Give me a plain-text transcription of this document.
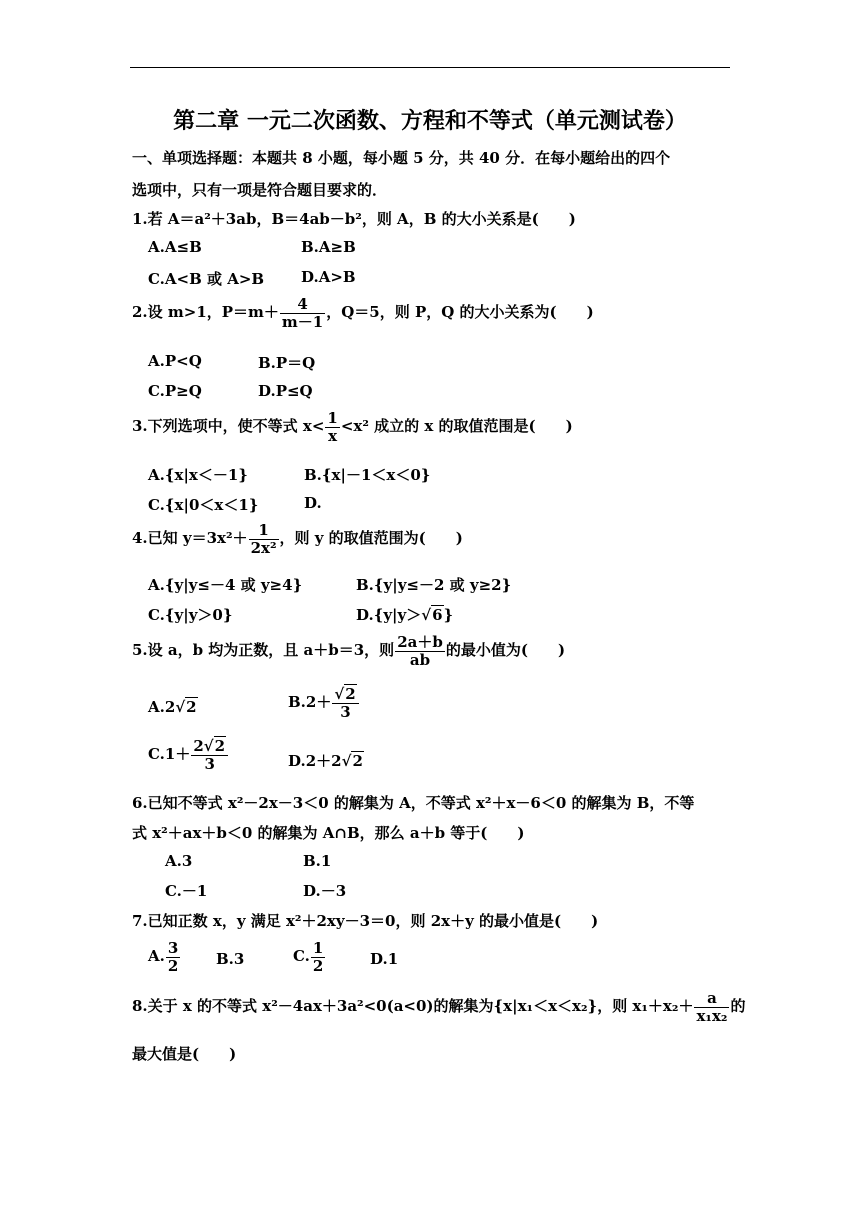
第二章 一元二次函数、方程和不等式（单元测试卷）
一、单项选择题：本题共 8 小题，每小题 5 分，共 40 分．在每小题给出的四个
选项中，只有一项是符合题目要求的．
1.若 A＝a²＋3ab，B＝4ab－b²，则 A，B 的大小关系是(　　)
A.A≤B	B.A≥B
C.A<B 或 A>B D.A>B
2.设 m>1，$P=m+ \frac{4}{m-1}$ ，Q＝5，则 P，Q 的大小关系为(　　)
A.P<Q	B.P＝Q
C.P≥Q	D.P≤Q
3.下列选项中，使不等式 $x< \frac{1}{x} <x^2$ 成立的 x 的取值范围是(　　)
A.{x|x＜－1}	B.{x|－1＜x＜0}
C.{x|0＜x＜1}	D.
4.已知 $y=3x^2+ \frac{1}{\text{2x²}}$ ，则 y 的取值范围为(　　)
A.{y|y≤－4 或 y≥4}	B.{y|y≤－2 或 y≥2}
C.{y|y＞0}	D.{y|y＞√6}
5.设 a，b 均为正数，且 a＋b＝3，则 $\frac{2a+b}{ab}$ 的最小值为(　　)
A.2√2	$B.2+ \frac{√2}{3}$
$C.1+ \frac{2√2}{3}$	D.2＋2√2
6.已知不等式 x²－2x－3＜0 的解集为 A，不等式 x²＋x－6＜0 的解集为 B，不等
式 x²＋ax＋b＜0 的解集为 A∩B，那么 a＋b 等于(　　)
A.3	B.1
C.－1	D.－3
7.已知正数 x，y 满足 x²＋2xy－3＝0，则 2x＋y 的最小值是(　　)
A. $\frac{3}{2} B.3$	C. $\frac{1}{2}$	D.1
8.关于 x 的不等式 x²－4ax＋3a²<0(a<0)的解集为{x|x₁＜x＜x₂}，则 $x_1+x_2+ \frac{a}{\text{x₁x₂}}$ 的
最大值是(　　)
